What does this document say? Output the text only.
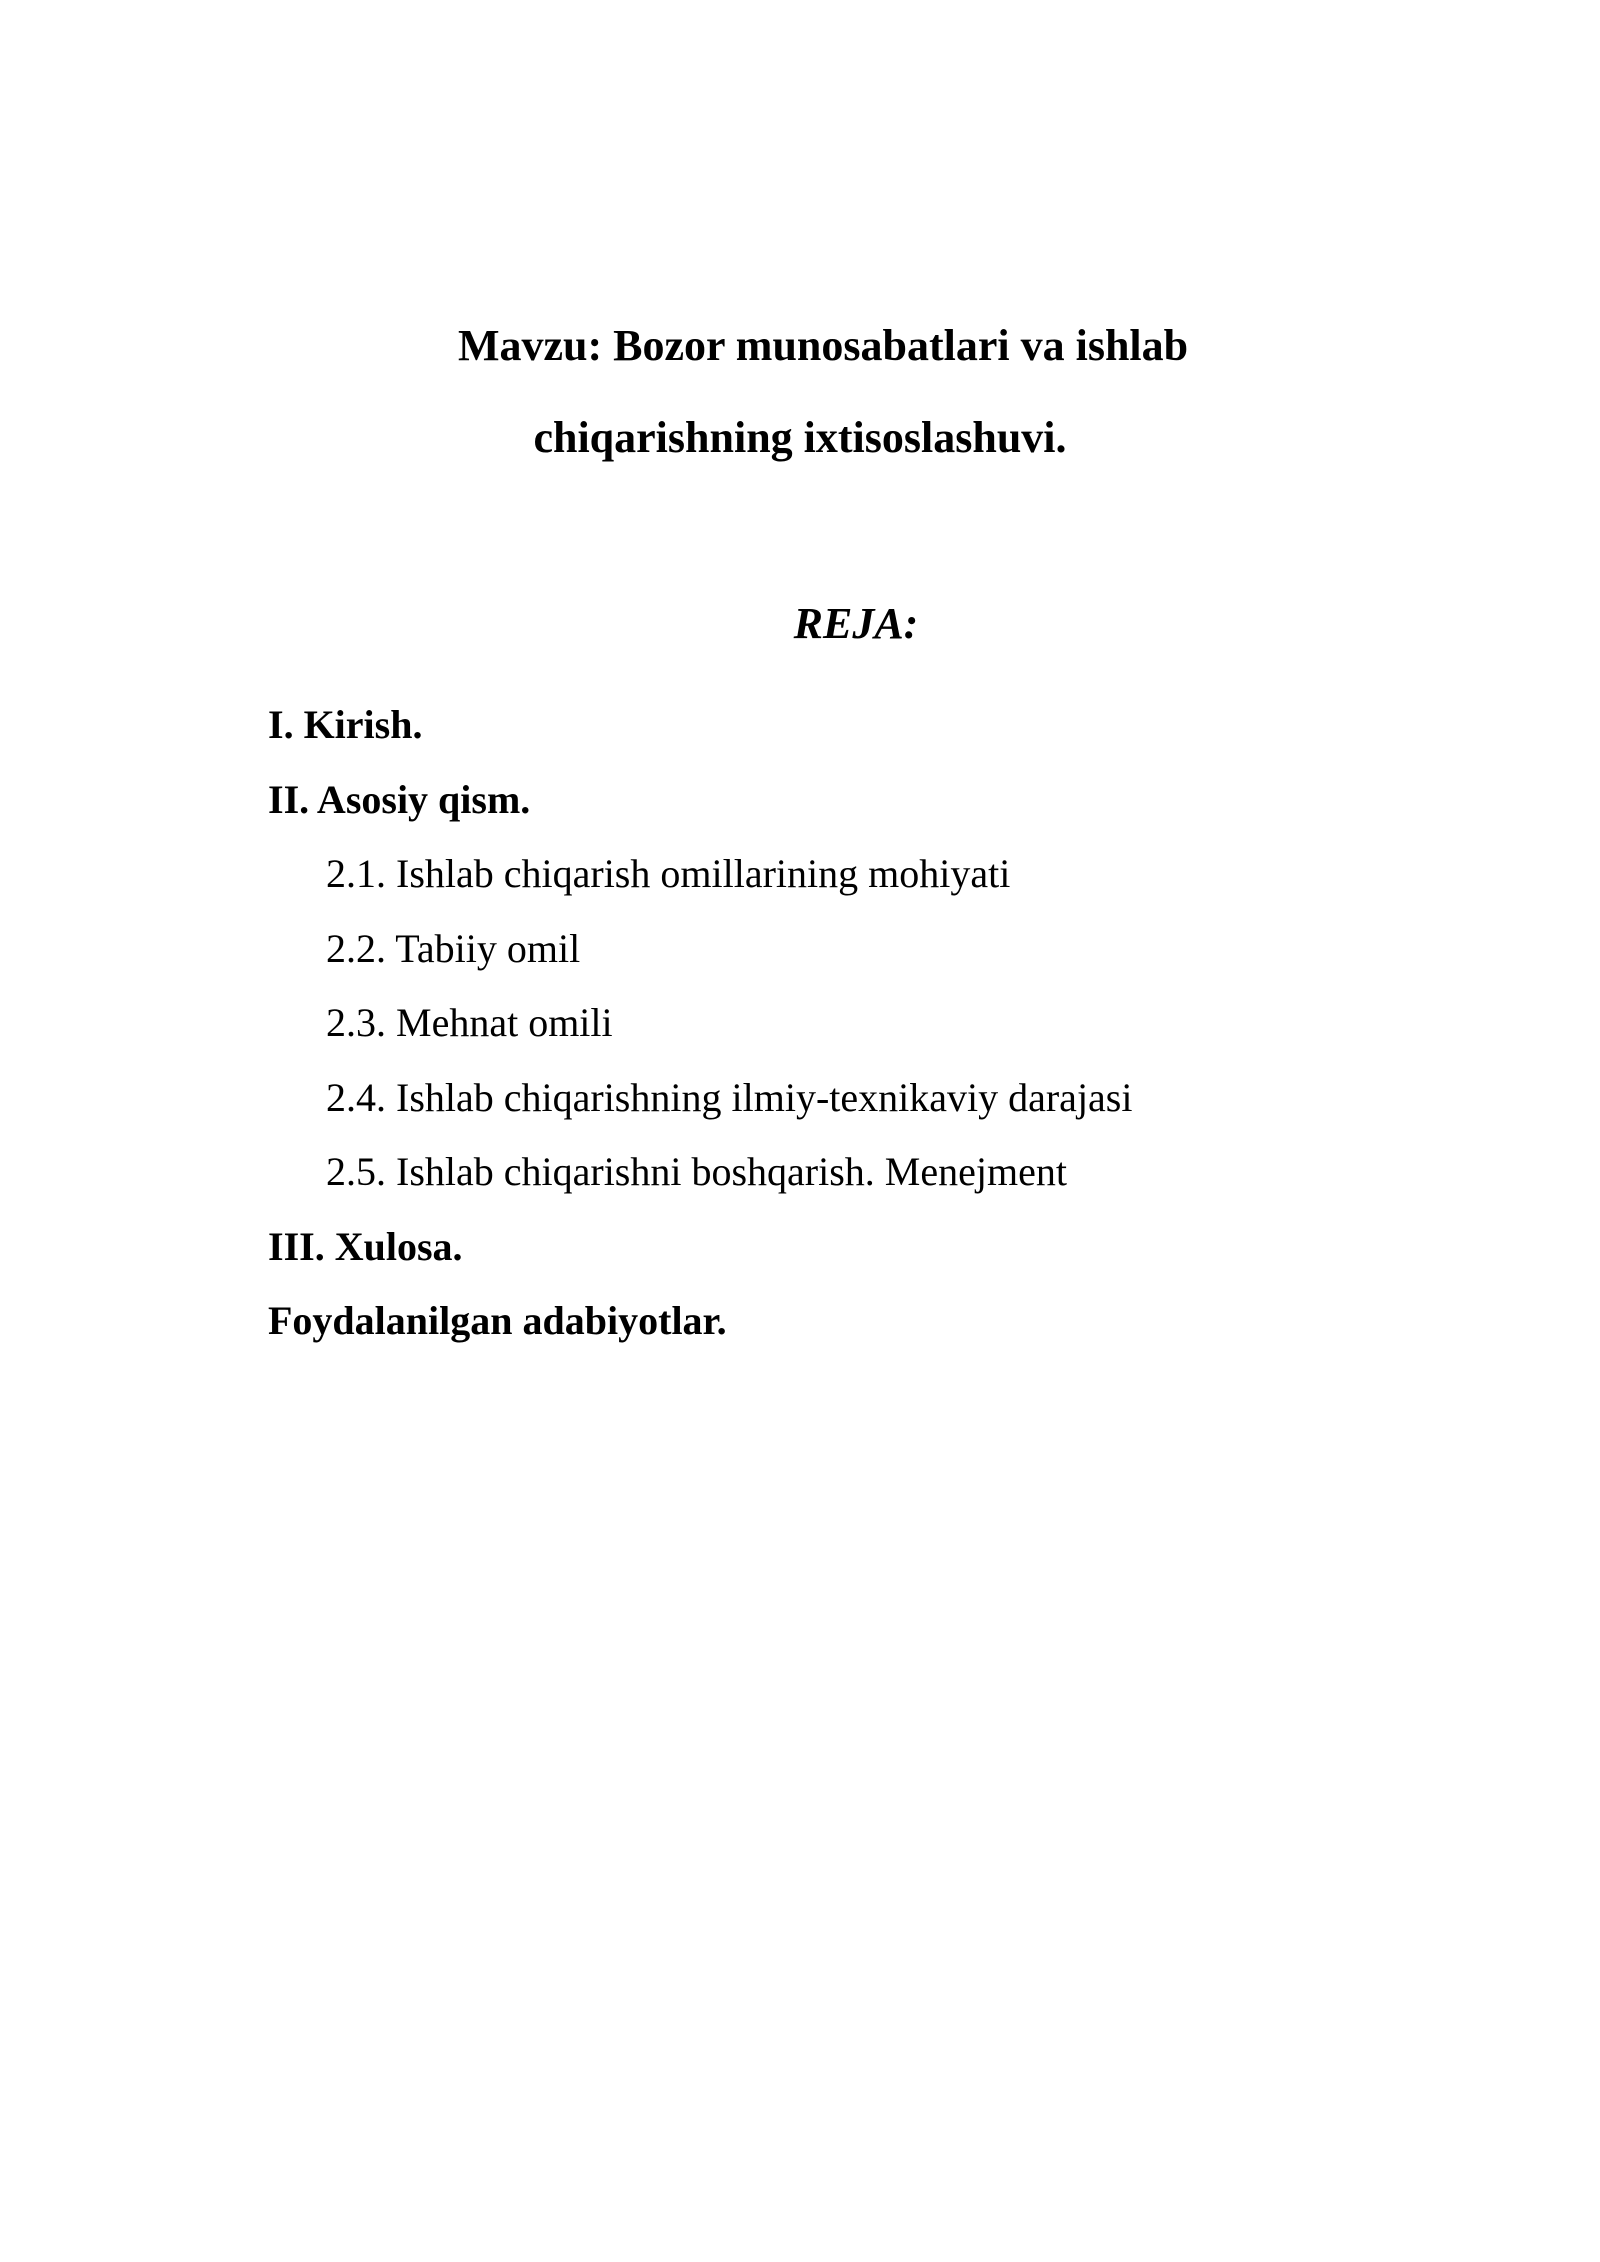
Mavzu: Bozor munosabatlari va ishlab
chiqarishning ixtisoslashuvi.
REJA:
I. Kirish.
II. Asosiy qism.
2.1. Ishlab chiqarish omillarining mohiyati
2.2. Tabiiy omil
2.3. Mehnat omili
2.4. Ishlab chiqarishning ilmiy-texnikaviy darajasi
2.5. Ishlab chiqarishni boshqarish. Menejment
III. Xulosa.
Foydalanilgan adabiyotlar.
